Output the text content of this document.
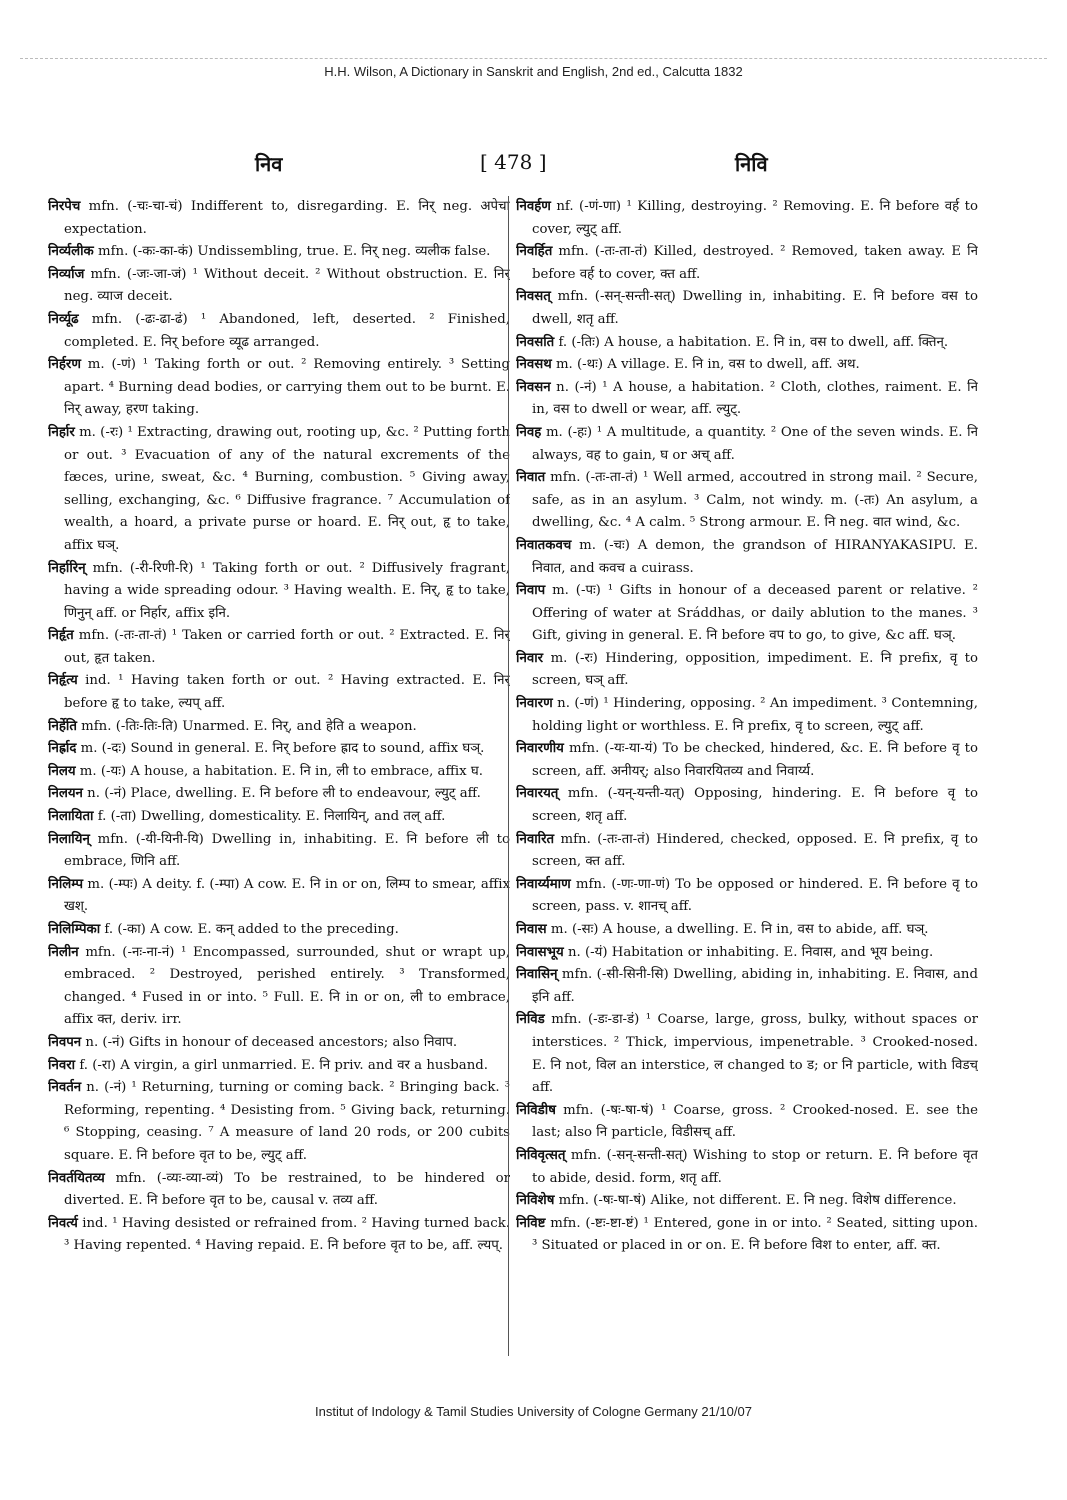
H.H. Wilson, A Dictionary in Sanskrit and English, 2nd ed., Calcutta 1832
निव	[ 478 ]	निवि

निरपेच mfn. (-चः-चा-चं) Indifferent to, disregarding. E. निर् neg. अपेचा expectation.

निर्व्यलीक mfn. (-कः-का-कं) Undissembling, true. E. निर् neg. व्यलीक false.

निर्व्याज mfn. (-जः-जा-जं) ¹ Without deceit. ² Without obstruction. E. निर् neg. व्याज deceit.

निर्व्यूढ mfn. (-ढः-ढा-ढं) ¹ Abandoned, left, deserted. ² Finished, completed. E. निर् before व्यूढ arranged.

निर्हरण m. (-णं) ¹ Taking forth or out. ² Removing entirely. ³ Setting apart. ⁴ Burning dead bodies, or carrying them out to be burnt. E. निर् away, हरण taking.

निर्हार m. (-रः) ¹ Extracting, drawing out, rooting up, &c. ² Putting forth or out. ³ Evacuation of any of the natural excrements of the fæces, urine, sweat, &c. ⁴ Burning, combustion. ⁵ Giving away, selling, exchanging, &c. ⁶ Diffusive fragrance. ⁷ Accumulation of wealth, a hoard, a private purse or hoard. E. निर् out, हृ to take, affix घञ्.

निर्हारिन् mfn. (-री-रिणी-रि) ¹ Taking forth or out. ² Diffusively fragrant, having a wide spreading odour. ³ Having wealth. E. निर्, हृ to take, णिनुन् aff. or निर्हार, affix इनि.

निर्हृत mfn. (-तः-ता-तं) ¹ Taken or carried forth or out. ² Extracted. E. निर् out, हृत taken.

निर्हृत्य ind. ¹ Having taken forth or out. ² Having extracted. E. निर् before हृ to take, ल्यप् aff.

निर्हेति mfn. (-तिः-तिः-ति) Unarmed. E. निर्, and हेति a weapon.

निर्ह्राद m. (-दः) Sound in general. E. निर् before ह्राद to sound, affix घञ्.

निलय m. (-यः) A house, a habitation. E. नि in, ली to embrace, affix घ.

निलयन n. (-नं) Place, dwelling. E. नि before ली to endeavour, ल्युट् aff.

निलायिता f. (-ता) Dwelling, domesticality. E. निलायिन्, and तल् aff.

निलायिन् mfn. (-यी-यिनी-यि) Dwelling in, inhabiting. E. नि before ली to embrace, णिनि aff.

निलिम्प m. (-म्पः) A deity. f. (-म्पा) A cow. E. नि in or on, लिम्प to smear, affix खश्.

निलिम्पिका f. (-का) A cow. E. कन् added to the preceding.

निलीन mfn. (-नः-ना-नं) ¹ Encompassed, surrounded, shut or wrapt up, embraced. ² Destroyed, perished entirely. ³ Transformed, changed. ⁴ Fused in or into. ⁵ Full. E. नि in or on, ली to embrace, affix क्त, deriv. irr.

निवपन n. (-नं) Gifts in honour of deceased ancestors; also निवाप.

निवरा f. (-रा) A virgin, a girl unmarried. E. नि priv. and वर a husband.

निवर्तन n. (-नं) ¹ Returning, turning or coming back. ² Bringing back. ³ Reforming, repenting. ⁴ Desisting from. ⁵ Giving back, returning. ⁶ Stopping, ceasing. ⁷ A measure of land 20 rods, or 200 cubits square. E. नि before वृत to be, ल्युट् aff.

निवर्तयितव्य mfn. (-व्यः-व्या-व्यं) To be restrained, to be hindered or diverted. E. नि before वृत to be, causal v. तव्य aff.

निवर्त्य ind. ¹ Having desisted or refrained from. ² Having turned back. ³ Having repented. ⁴ Having repaid. E. नि before वृत to be, aff. ल्यप्.

निवर्हण nf. (-णं-णा) ¹ Killing, destroying. ² Removing. E. नि before वर्ह to cover, ल्युट् aff.

निवर्हित mfn. (-तः-ता-तं) Killed, destroyed. ² Removed, taken away. E नि before वर्ह to cover, क्त aff.

निवसत् mfn. (-सन्-सन्ती-सत्) Dwelling in, inhabiting. E. नि before वस to dwell, शतृ aff.

निवसति f. (-तिः) A house, a habitation. E. नि in, वस to dwell, aff. क्तिन्.

निवसथ m. (-थः) A village. E. नि in, वस to dwell, aff. अथ.

निवसन n. (-नं) ¹ A house, a habitation. ² Cloth, clothes, raiment. E. नि in, वस to dwell or wear, aff. ल्युट्.

निवह m. (-हः) ¹ A multitude, a quantity. ² One of the seven winds. E. नि always, वह to gain, घ or अच् aff.

निवात mfn. (-तः-ता-तं) ¹ Well armed, accoutred in strong mail. ² Secure, safe, as in an asylum. ³ Calm, not windy. m. (-तः) An asylum, a dwelling, &c. ⁴ A calm. ⁵ Strong armour. E. नि neg. वात wind, &c.

निवातकवच m. (-चः) A demon, the grandson of HIRANYAKASIPU. E. निवात, and कवच a cuirass.

निवाप m. (-पः) ¹ Gifts in honour of a deceased parent or relative. ² Offering of water at Sráddhas, or daily ablution to the manes. ³ Gift, giving in general. E. नि before वप to go, to give, &c aff. घञ्.

निवार m. (-रः) Hindering, opposition, impediment. E. नि prefix, वृ to screen, घञ् aff.

निवारण n. (-णं) ¹ Hindering, opposing. ² An impediment. ³ Contemning, holding light or worthless. E. नि prefix, वृ to screen, ल्युट् aff.

निवारणीय mfn. (-यः-या-यं) To be checked, hindered, &c. E. नि before वृ to screen, aff. अनीयर्; also निवारयितव्य and निवार्य्य.

निवारयत् mfn. (-यन्-यन्ती-यत्) Opposing, hindering. E. नि before वृ to screen, शतृ aff.

निवारित mfn. (-तः-ता-तं) Hindered, checked, opposed. E. नि prefix, वृ to screen, क्त aff.

निवार्य्यमाण mfn. (-णः-णा-णं) To be opposed or hindered. E. नि before वृ to screen, pass. v. शानच् aff.

निवास m. (-सः) A house, a dwelling. E. नि in, वस to abide, aff. घञ्.

निवासभूय n. (-यं) Habitation or inhabiting. E. निवास, and भूय being.

निवासिन् mfn. (-सी-सिनी-सि) Dwelling, abiding in, inhabiting. E. निवास, and इनि aff.

निविड mfn. (-डः-डा-डं) ¹ Coarse, large, gross, bulky, without spaces or interstices. ² Thick, impervious, impenetrable. ³ Crooked-nosed. E. नि not, विल an interstice, ल changed to ड; or नि particle, with विडच् aff.

निविडीष mfn. (-षः-षा-षं) ¹ Coarse, gross. ² Crooked-nosed. E. see the last; also नि particle, विडीसच् aff.

निविवृत्सत् mfn. (-सन्-सन्ती-सत्) Wishing to stop or return. E. नि before वृत to abide, desid. form, शतृ aff.

निविशेष mfn. (-षः-षा-षं) Alike, not different. E. नि neg. विशेष difference.

निविष्ट mfn. (-ष्टः-ष्टा-ष्टं) ¹ Entered, gone in or into. ² Seated, sitting upon. ³ Situated or placed in or on. E. नि before विश to enter, aff. क्त.

Institut of Indology & Tamil Studies University of Cologne Germany 21/10/07
